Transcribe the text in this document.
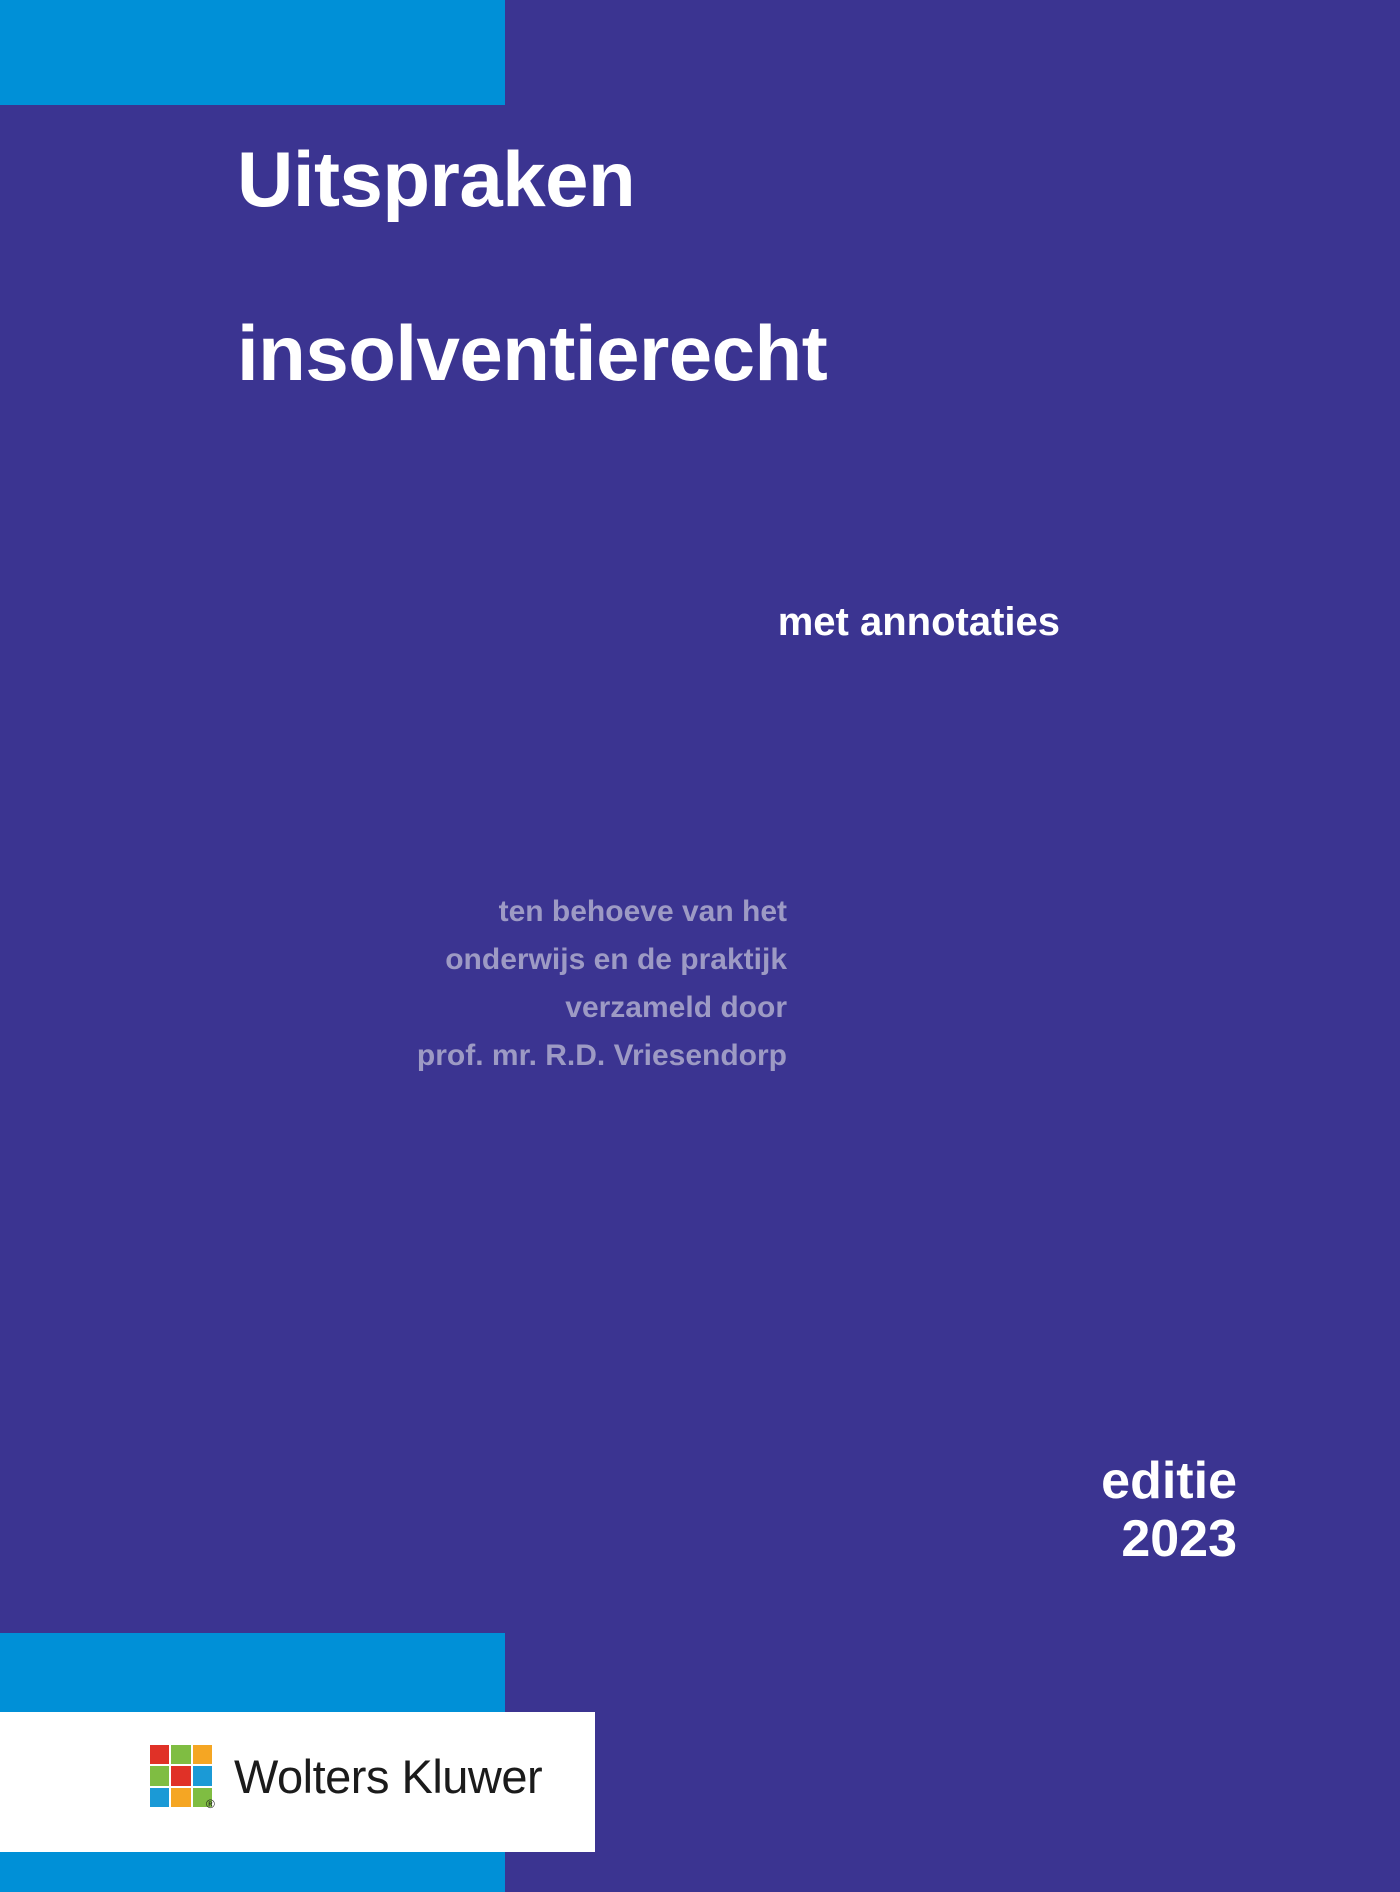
Uitspraken
insolventierecht
met annotaties
ten behoeve van het
onderwijs en de praktijk
verzameld door
prof. mr. R.D. Vriesendorp
editie
2023
®
Wolters Kluwer
